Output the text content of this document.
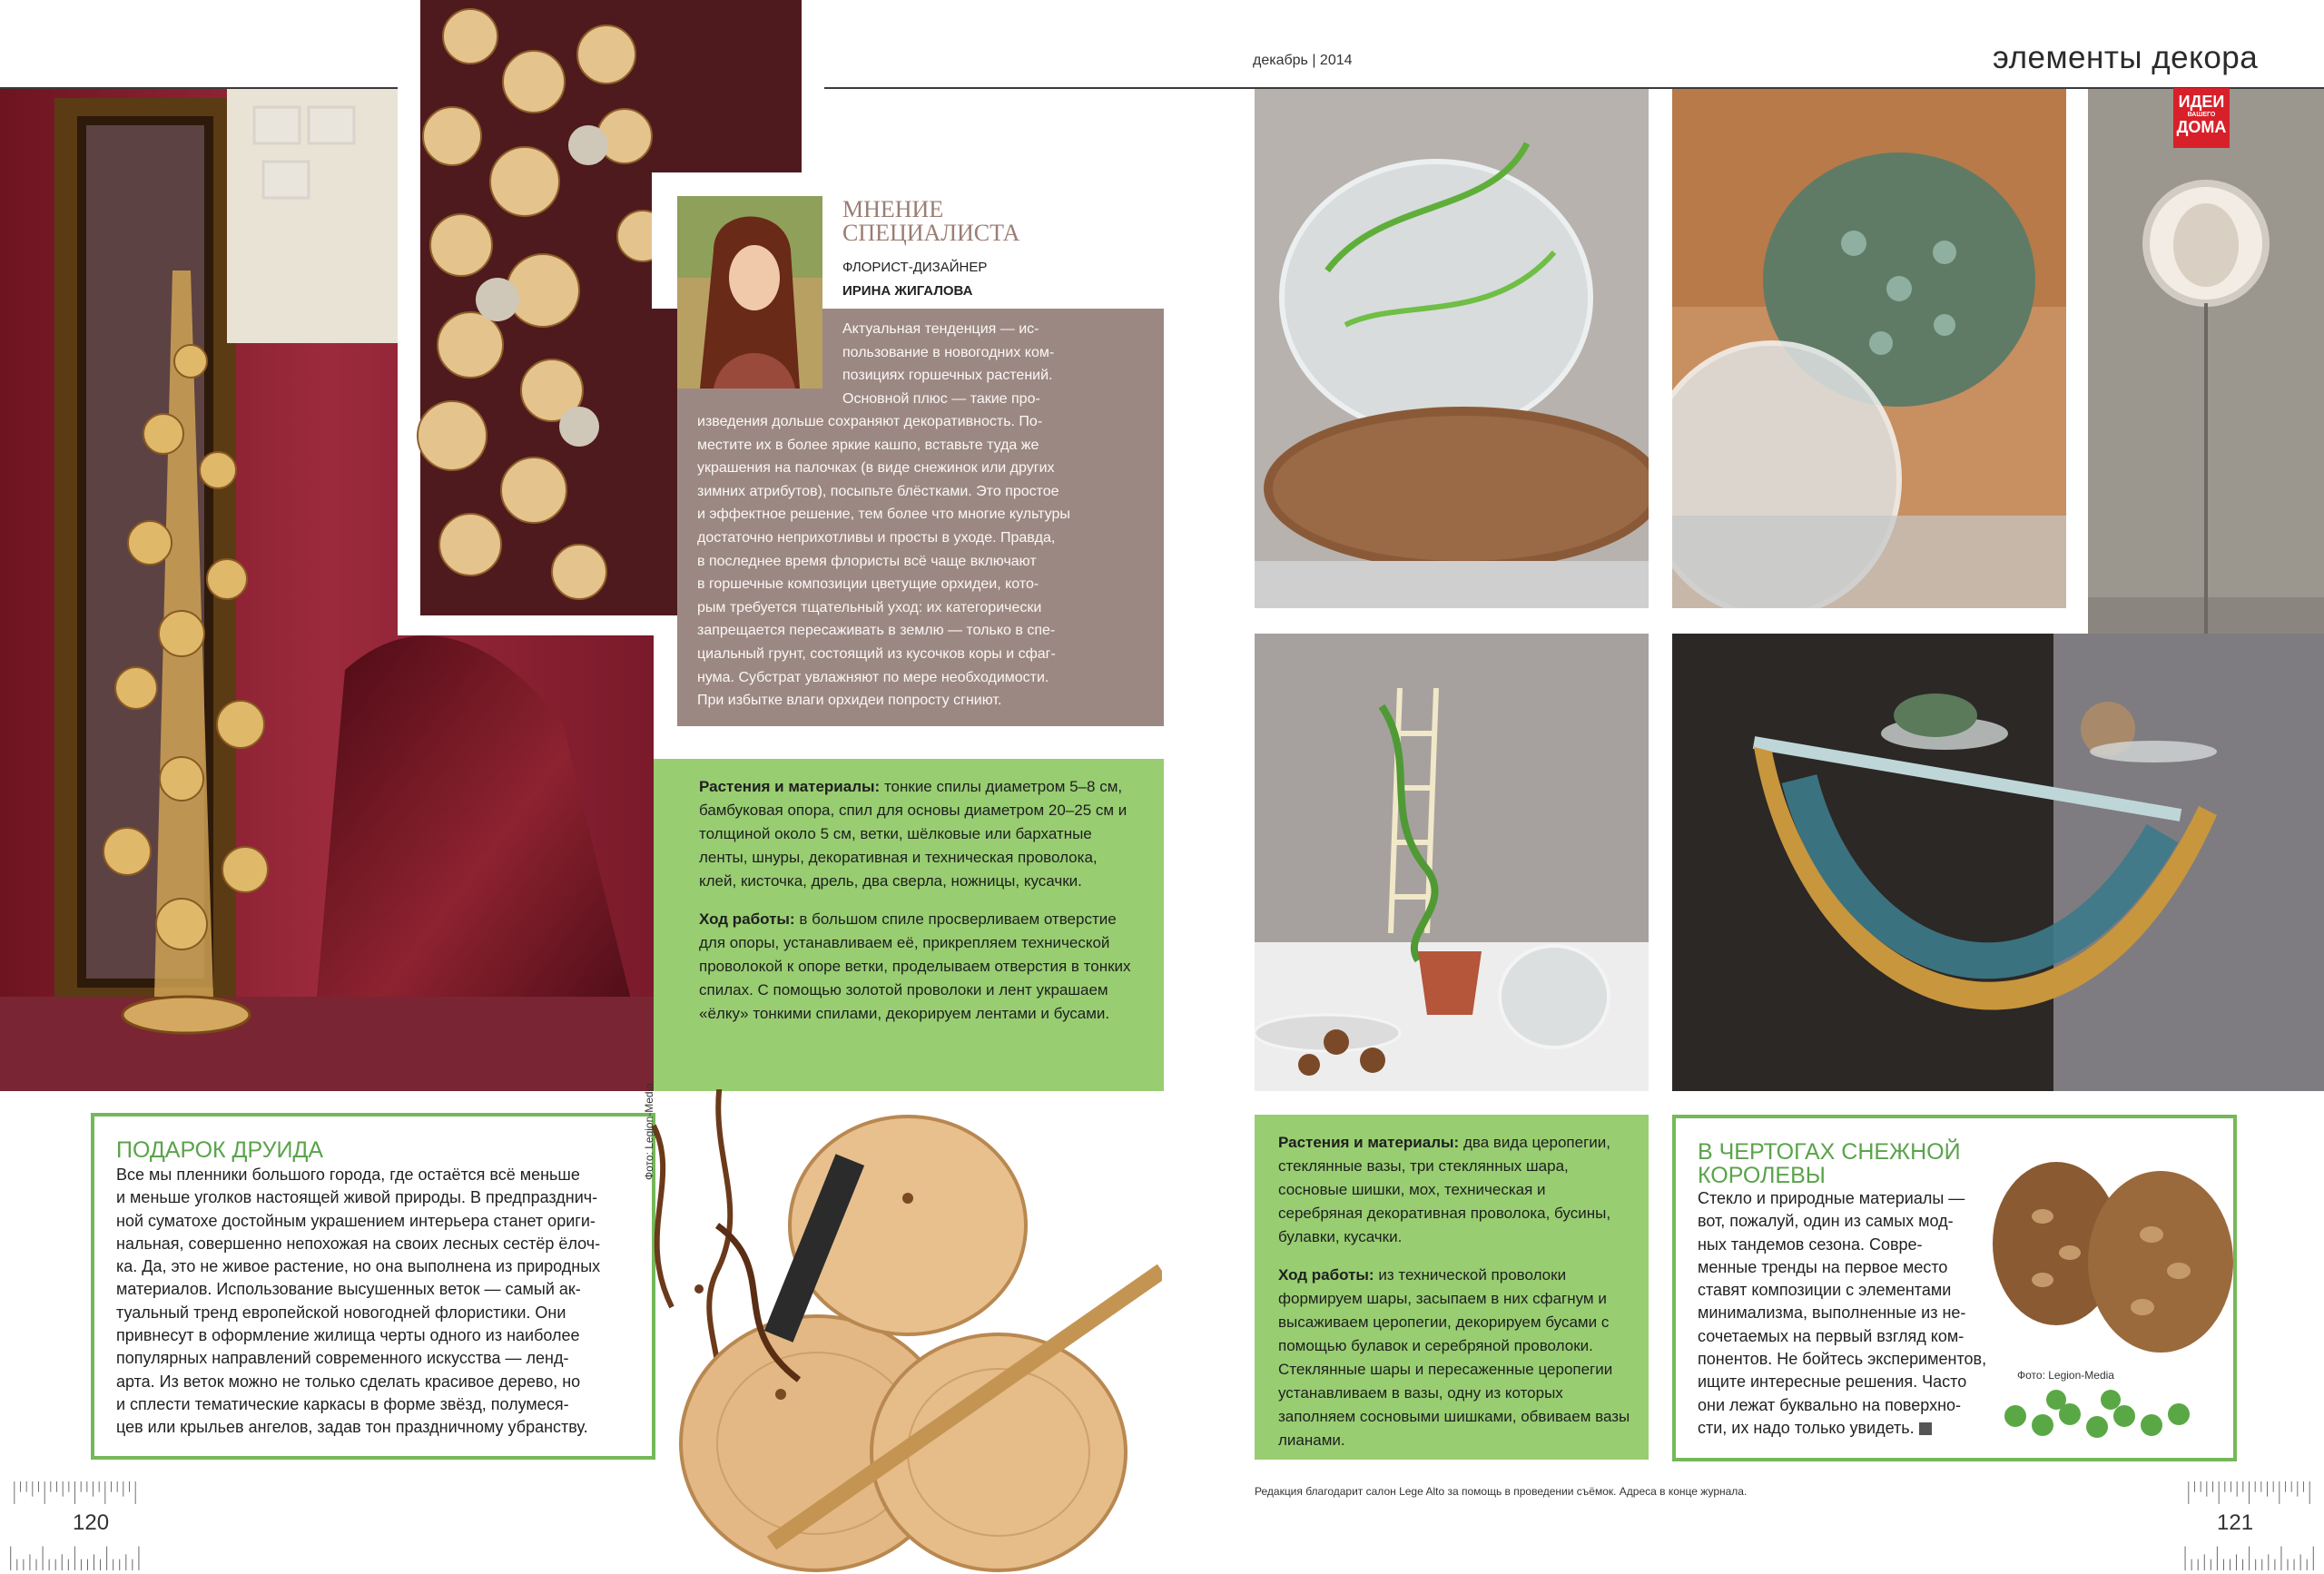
декабрь | 2014	элементы декора
МНЕНИЕ
СПЕЦИАЛИСТА
ФЛОРИСТ-ДИЗАЙНЕР
ИРИНА ЖИГАЛОВА
Актуальная тенденция — ис-
пользование в новогодних ком-
позициях горшечных растений.
Основной плюс — такие про-
изведения дольше сохраняют декоративность. По-
местите их в более яркие кашпо, вставьте туда же
украшения на палочках (в виде снежинок или других
зимних атрибутов), посыпьте блёстками. Это простое
и эффектное решение, тем более что многие культуры
достаточно неприхотливы и просты в уходе. Правда,
в последнее время флористы всё чаще включают
в горшечные композиции цветущие орхидеи, кото-
рым требуется тщательный уход: их категорически
запрещается пересаживать в землю — только в спе-
циальный грунт, состоящий из кусочков коры и сфаг-
нума. Субстрат увлажняют по мере необходимости.
При избытке влаги орхидеи попросту сгниют.

Растения и материалы: тонкие спилы диаметром 5–8 см, бамбуковая опора, спил для основы диаметром 20–25 см и толщиной около 5 см, ветки, шёлковые или бархатные ленты, шнуры, декоративная и техническая проволока, клей, кисточка, дрель, два сверла, ножницы, кусачки.

Ход работы: в большом спиле просверливаем отверстие для опоры, устанавливаем её, прикрепляем технической проволокой к опоре ветки, проделываем отверстия в тонких спилах. С помощью золотой проволоки и лент украшаем «ёлку» тонкими спилами, декорируем лентами и бусами.

ПОДАРОК ДРУИДА
Все мы пленники большого города, где остаётся всё меньше
и меньше уголков настоящей живой природы. В предпразднич-
ной суматохе достойным украшением интерьера станет ориги-
нальная, совершенно непохожая на своих лесных сестёр ёлоч-
ка. Да, это не живое растение, но она выполнена из природных
материалов. Использование высушенных веток — самый ак-
туальный тренд европейской новогодней флористики. Они
привнесут в оформление жилища черты одного из наиболее
популярных направлений современного искусства — ленд-
арта. Из веток можно не только сделать красивое дерево, но
и сплести тематические каркасы в форме звёзд, полумеся-
цев или крыльев ангелов, задав тон праздничному убранству.
Фото: Legion-Media
ИДЕИ
ВАШЕГО
ДОМА

Растения и материалы: два вида церопегии, стеклянные вазы, три стеклянных шара, сосновые шишки, мох, техническая и серебряная декоративная проволока, бусины, булавки, кусачки.

Ход работы: из технической проволоки формируем шары, засыпаем в них сфагнум и высаживаем церопегии, декорируем бусами с помощью булавок и серебряной проволоки. Стеклянные шары и пересаженные церопегии устанавливаем в вазы, одну из которых заполняем сосновыми шишками, обвиваем вазы лианами.

В ЧЕРТОГАХ СНЕЖНОЙ
КОРОЛЕВЫ
Стекло и природные материалы —
вот, пожалуй, один из самых мод-
ных тандемов сезона. Совре-
менные тренды на первое место
ставят композиции с элементами
минимализма, выполненные из не-
сочетаемых на первый взгляд ком-
понентов. Не бойтесь экспериментов,
ищите интересные решения. Часто
они лежат буквально на поверхно-
сти, их надо только увидеть.
Фото: Legion-Media
Редакция благодарит салон Lege Alto за помощь в проведении съёмок. Адреса в конце журнала.
120	121
